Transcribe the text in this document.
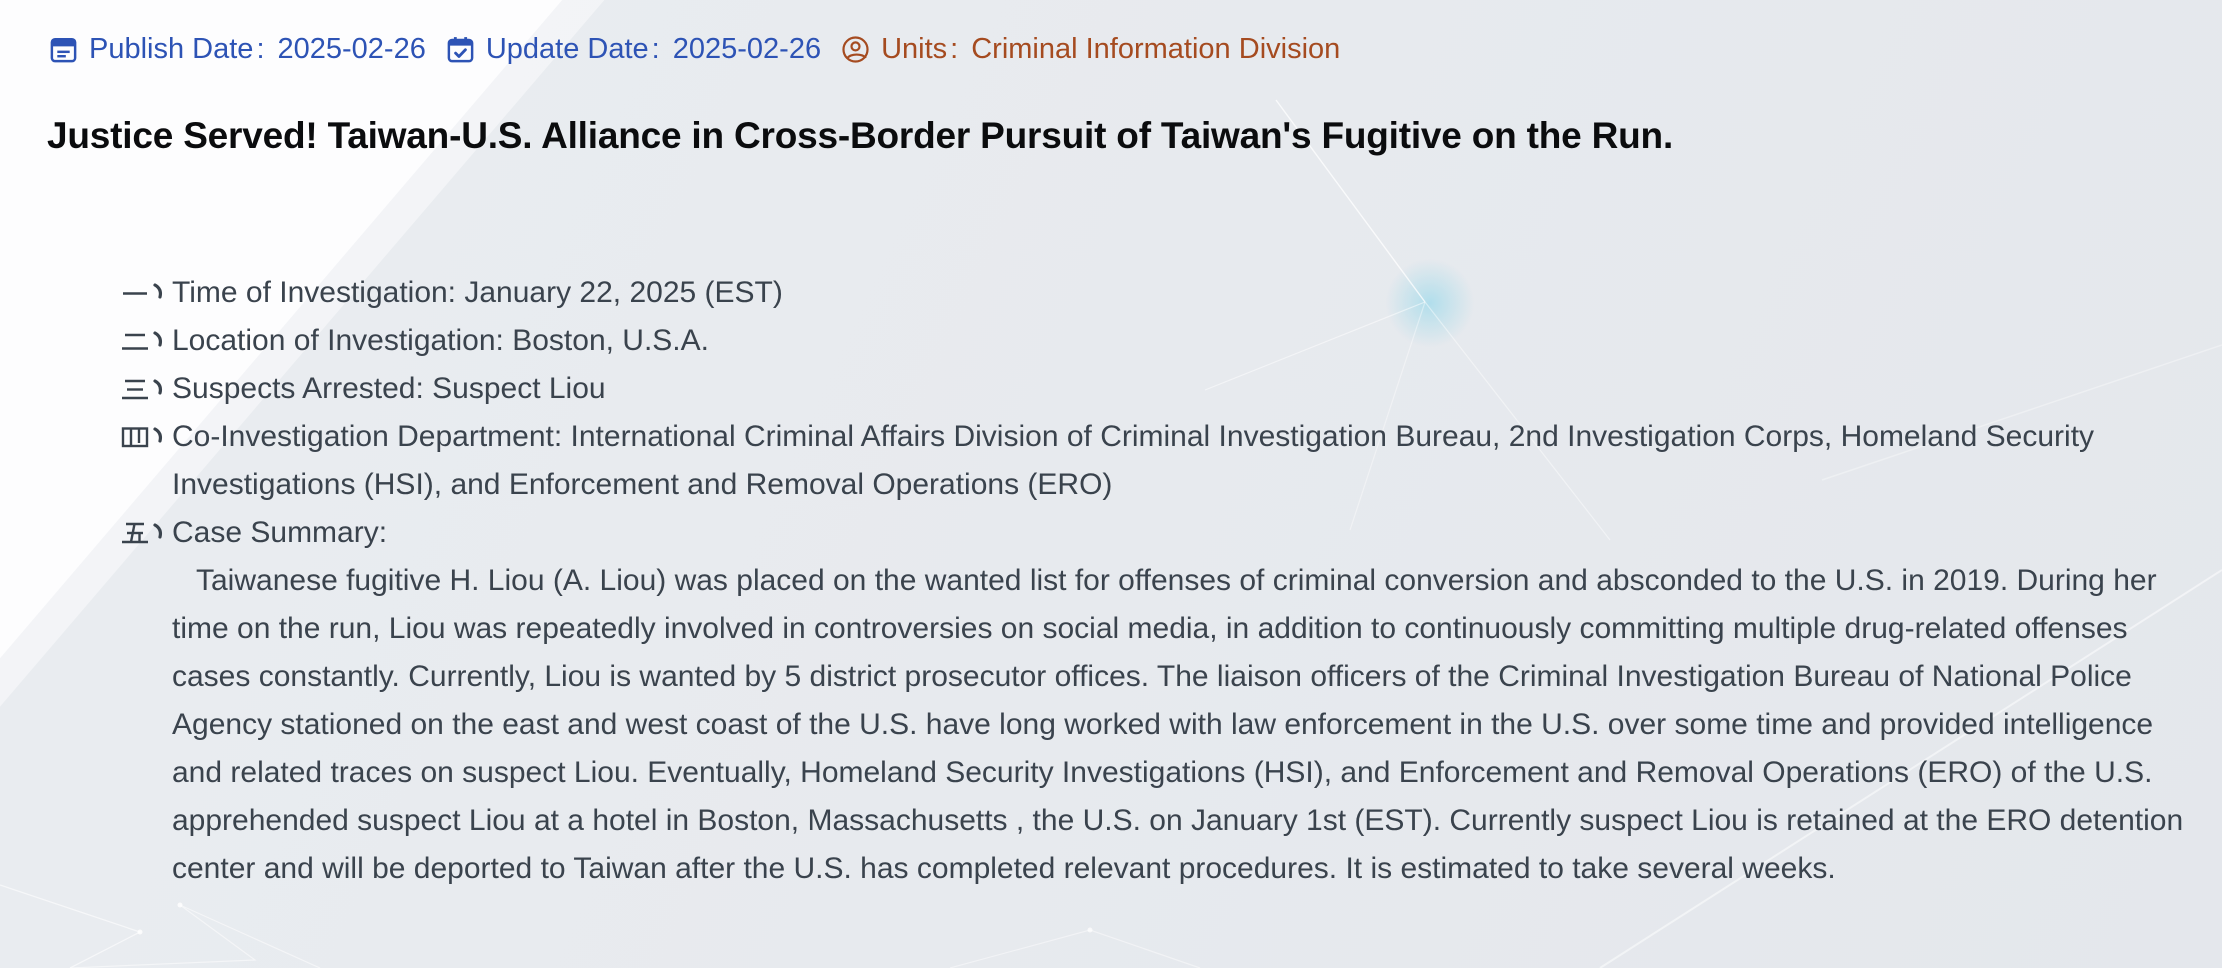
Publish Date : 2025-02-26 Update Date : 2025-02-26 Units : Criminal Information Division
Justice Served! Taiwan-U.S. Alliance in Cross-Border Pursuit of Taiwan's Fugitive on the Run.
Time of Investigation: January 22, 2025 (EST)
Location of Investigation: Boston, U.S.A.
Suspects Arrested: Suspect Liou
Co-Investigation Department: International Criminal Affairs Division of Criminal Investigation Bureau, 2nd Investigation Corps, Homeland Security Investigations (HSI), and Enforcement and Removal Operations (ERO)
Case Summary:

Taiwanese fugitive H. Liou (A. Liou) was placed on the wanted list for offenses of criminal conversion and absconded to the U.S. in 2019. During her time on the run, Liou was repeatedly involved in controversies on social media, in addition to continuously committing multiple drug-related offenses cases constantly. Currently, Liou is wanted by 5 district prosecutor offices. The liaison officers of the Criminal Investigation Bureau of National Police Agency stationed on the east and west coast of the U.S. have long worked with law enforcement in the U.S. over some time and provided intelligence and related traces on suspect Liou. Eventually, Homeland Security Investigations (HSI), and Enforcement and Removal Operations (ERO) of the U.S. apprehended suspect Liou at a hotel in Boston, Massachusetts , the U.S. on January 1st (EST). Currently suspect Liou is retained at the ERO detention center and will be deported to Taiwan after the U.S. has completed relevant procedures. It is estimated to take several weeks.
